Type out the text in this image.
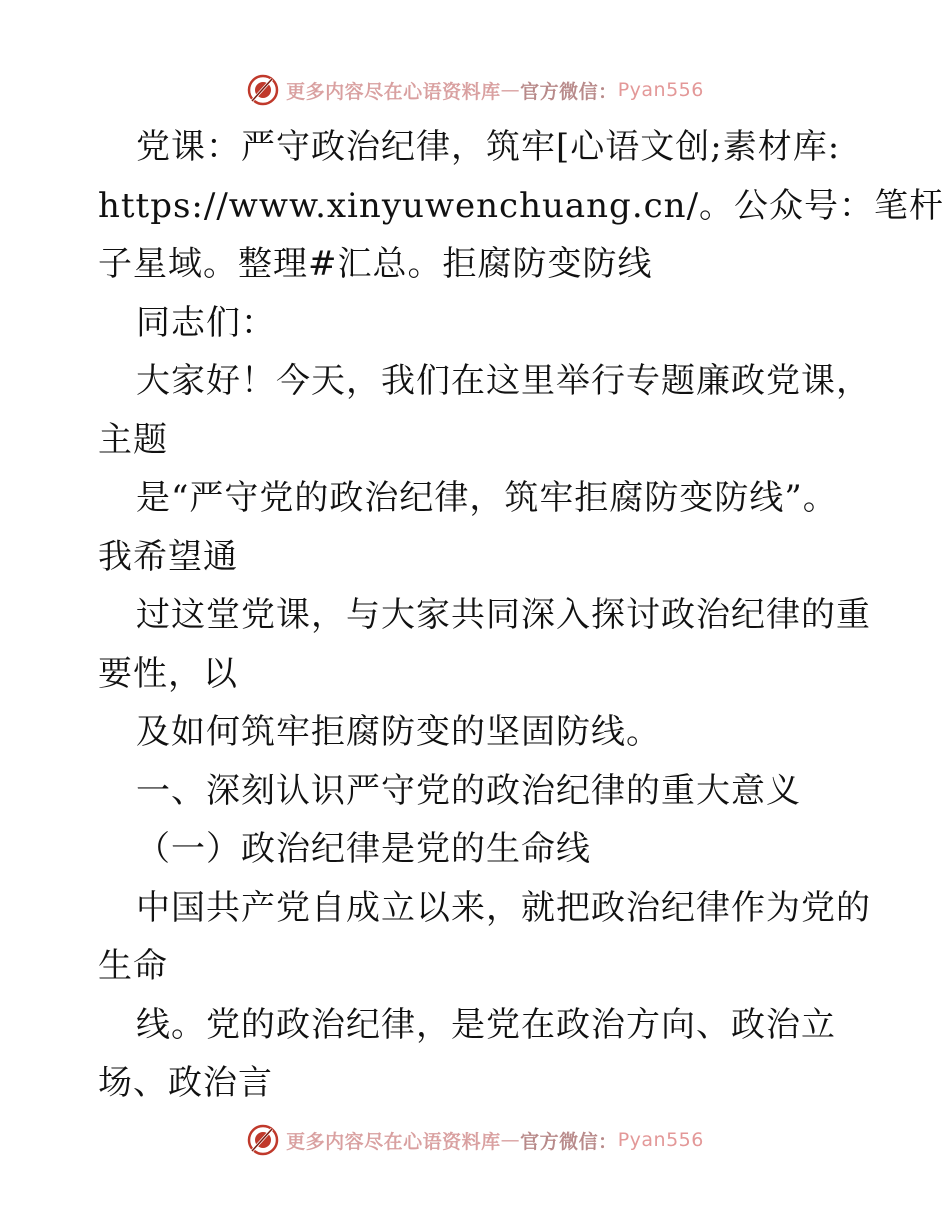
更多内容尽在心语资料库 — 官方微信： Pyan556
党课：严守政治纪律，筑牢[心语文创;素材库:
https://www.xinyuwenchuang.cn/。公众号：笔杆
子星域。整理#汇总。拒腐防变防线
同志们：
大家好！今天，我们在这里举行专题廉政党课，
主题
是“严守党的政治纪律，筑牢拒腐防变防线”。
我希望通
过这堂党课，与大家共同深入探讨政治纪律的重
要性，以
及如何筑牢拒腐防变的坚固防线。
一、深刻认识严守党的政治纪律的重大意义
（一）政治纪律是党的生命线
中国共产党自成立以来，就把政治纪律作为党的
生命
线。党的政治纪律，是党在政治方向、政治立
场、政治言
更多内容尽在心语资料库 — 官方微信： Pyan556
